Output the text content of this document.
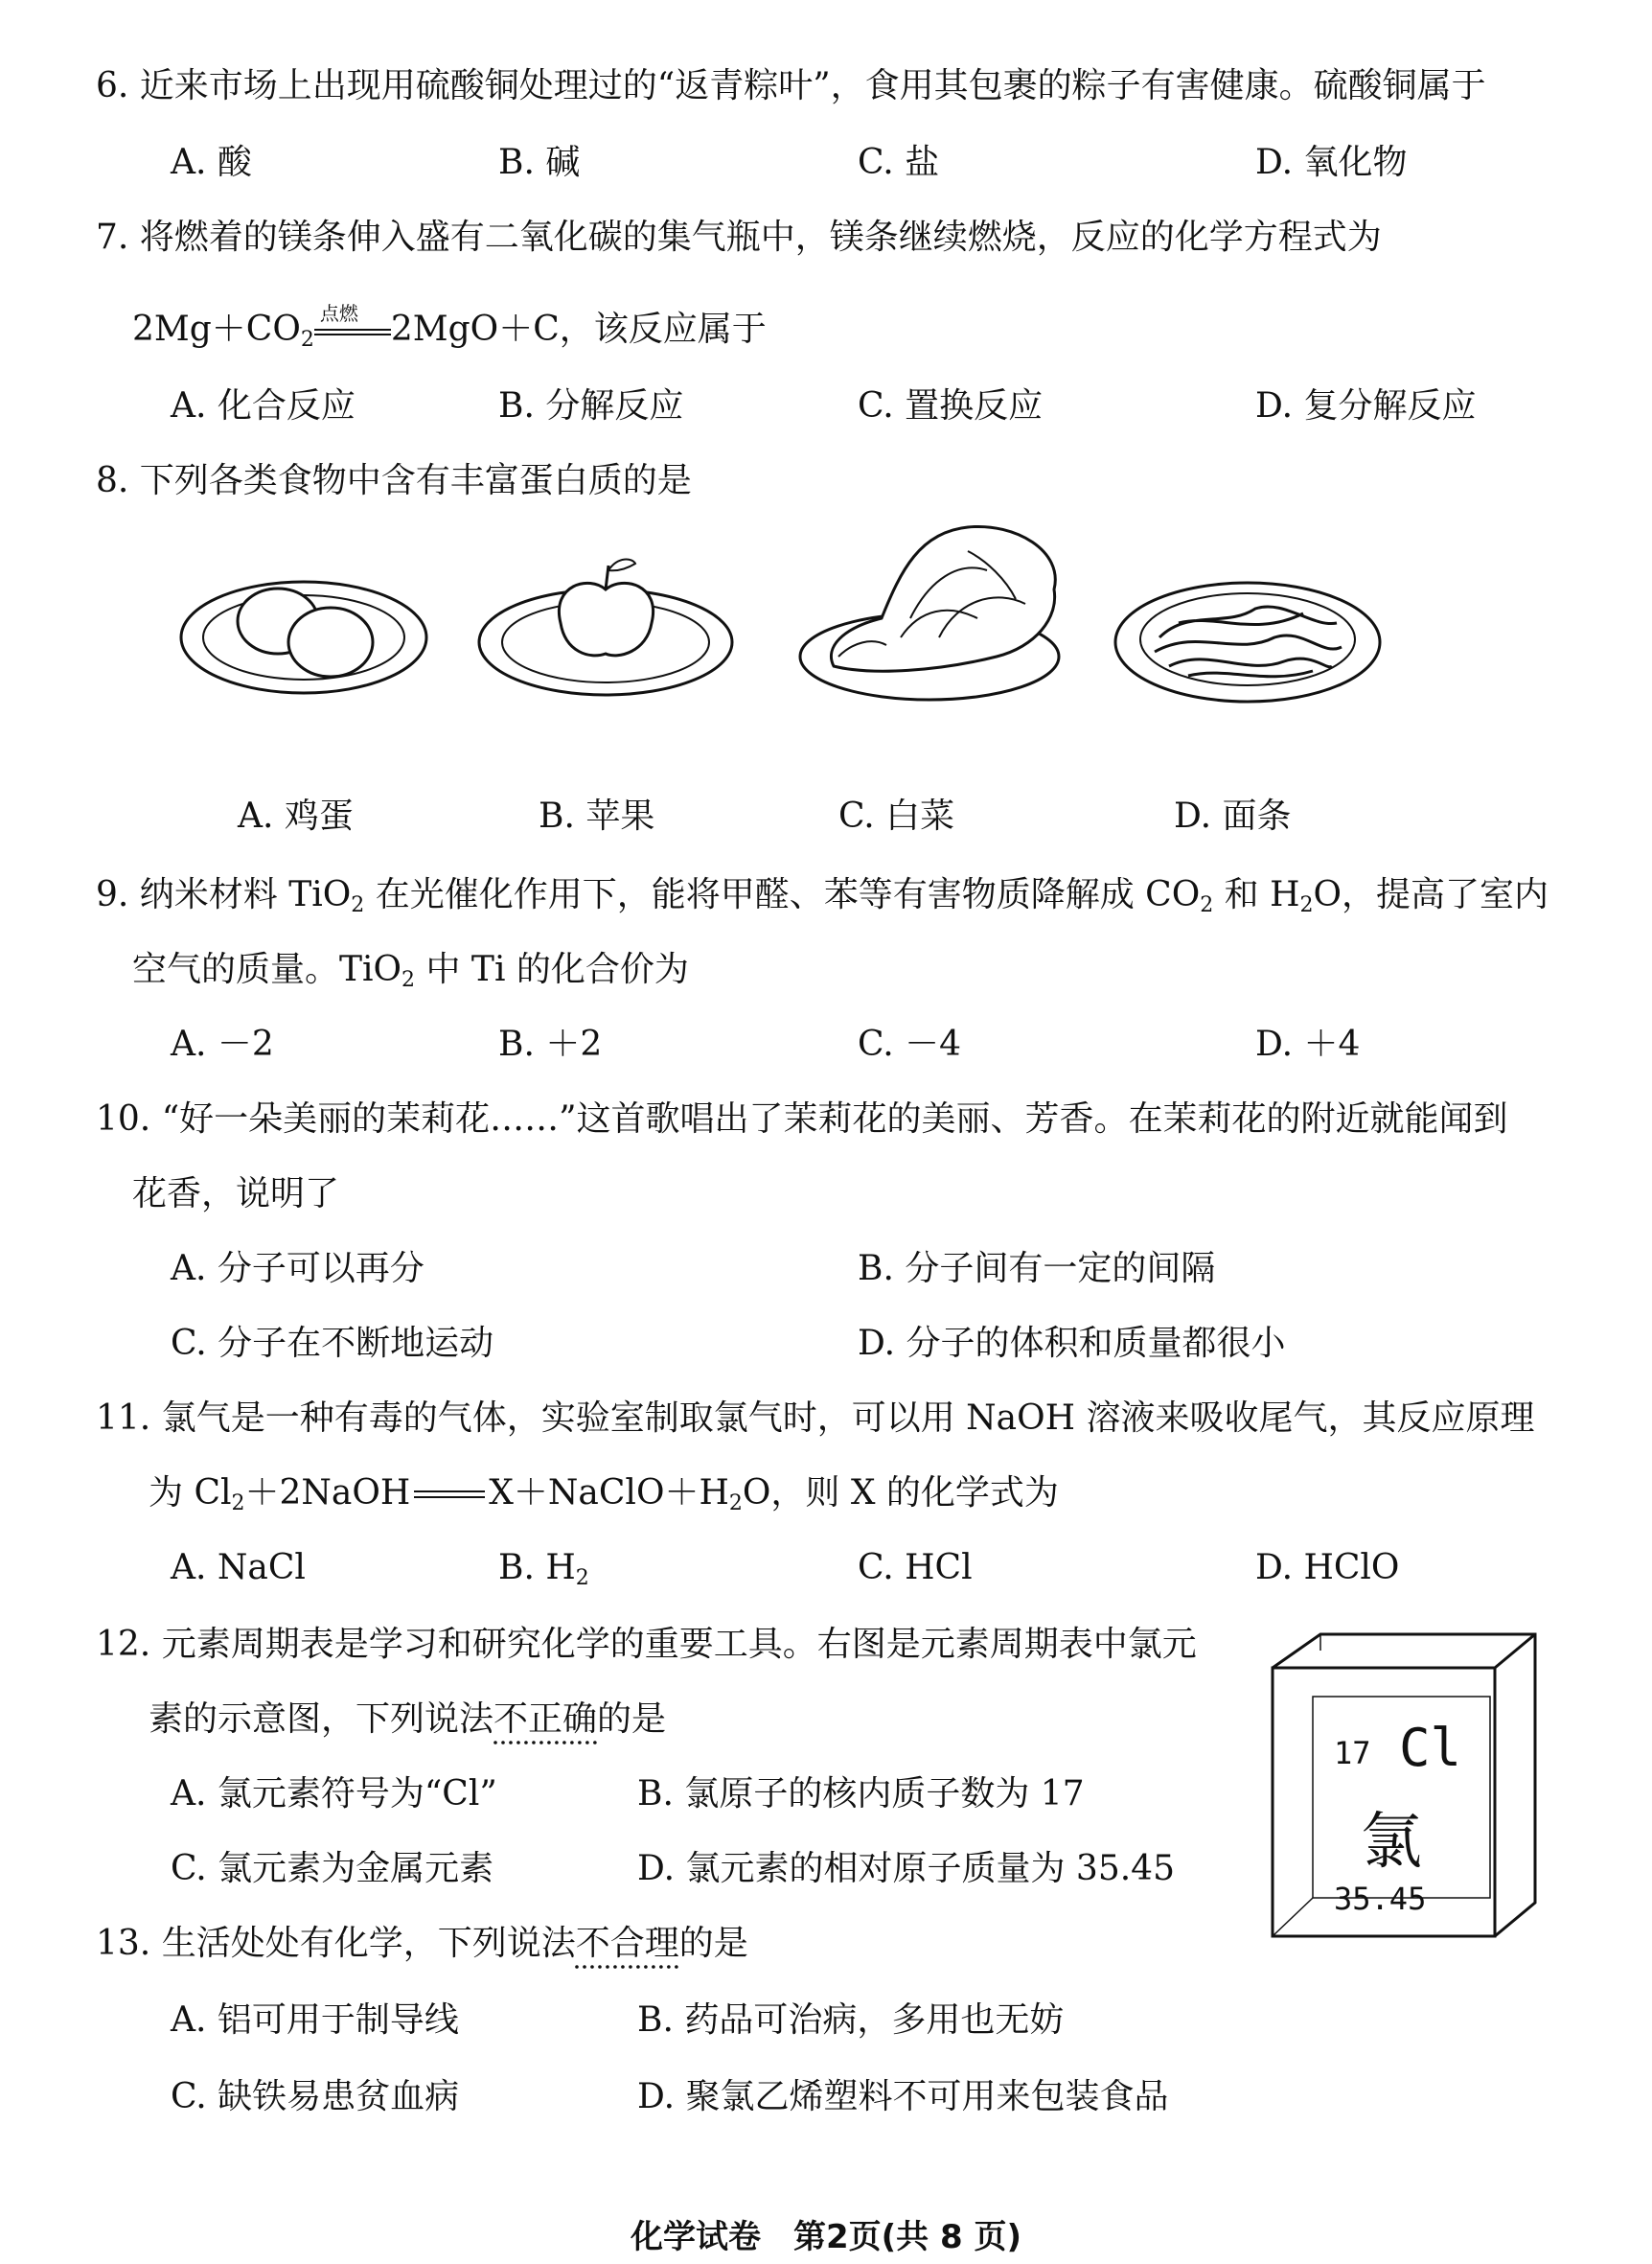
6. 近来市场上出现用硫酸铜处理过的“返青粽叶”，食用其包裹的粽子有害健康。硫酸铜属于
A. 酸	B. 碱	C. 盐	D. 氧化物
7. 将燃着的镁条伸入盛有二氧化碳的集气瓶中，镁条继续燃烧，反应的化学方程式为
$2Mg+CO_2$
点燃 2MgO＋C，该反应属于
A. 化合反应	B. 分解反应	C. 置换反应	D. 复分解反应
8. 下列各类食物中含有丰富蛋白质的是
A. 鸡蛋	B. 苹果	C. 白菜	D. 面条
9. 纳米材料 TiO$_2$ 在光催化作用下，能将甲醛、苯等有害物质降解成 $CO_2$ 和 $H_2O$，提高了室内
空气的质量。TiO$_2$ 中 Ti 的化合价为
A. －2	B. ＋2	C. －4	D. ＋4
10. “好一朵美丽的茉莉花……”这首歌唱出了茉莉花的美丽、芳香。在茉莉花的附近就能闻到
花香，说明了
A. 分子可以再分	B. 分子间有一定的间隔
C. 分子在不断地运动	D. 分子的体积和质量都很小
11. 氯气是一种有毒的气体，实验室制取氯气时，可以用 NaOH 溶液来吸收尾气，其反应原理
为 $Cl_2+2NaOH$ $X+NaClO+H_2O$，则 X 的化学式为
A. NaCl	B. $H_2$	C. HCl	D. HClO
12. 元素周期表是学习和研究化学的重要工具。右图是元素周期表中氯元
素的示意图，下列说法不正确的是
A. 氯元素符号为“Cl”	B. 氯原子的核内质子数为 17
C. 氯元素为金属元素	D. 氯元素的相对原子质量为 35.45
17 Cl
氯
35.45
13. 生活处处有化学，下列说法不合理的是
A. 铝可用于制导线	B. 药品可治病，多用也无妨
C. 缺铁易患贫血病	D. 聚氯乙烯塑料不可用来包装食品
化学试卷　第2页(共 8 页)
